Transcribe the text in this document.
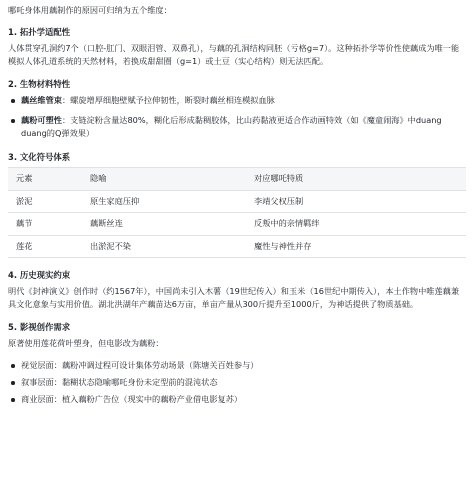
哪吒身体用藕制作的原因可归纳为五个维度：
1. 拓扑学适配性
人体贯穿孔洞约7个（口腔-肛门、双眼泪管、双鼻孔），与藕的孔洞结构同胚（亏格g=7）。这种拓扑学等价性使藕成为唯一能模拟人体孔道系统的天然材料，若换成甜甜圈（g=1）或土豆（实心结构）则无法匹配。
2. 生物材料特性
藕丝维管束：螺旋增厚细胞壁赋予拉伸韧性，断裂时藕丝相连模拟血脉
藕粉可塑性：支链淀粉含量达80%，糊化后形成黏稠胶体，比山药黏液更适合作动画特效（如《魔童闹海》中duang duang的Q弹效果）
3. 文化符号体系
元素	隐喻	对应哪吒特质
淤泥	原生家庭压抑	李靖父权压制
藕节	藕断丝连	反叛中的亲情羁绊
莲花	出淤泥不染	魔性与神性并存
4. 历史现实约束
明代《封神演义》创作时（约1567年），中国尚未引入木薯（19世纪传入）和玉米（16世纪中期传入），本土作物中唯莲藕兼具文化意象与实用价值。湖北洪湖年产藕苗达6万亩，单亩产量从300斤提升至1000斤，为神话提供了物质基础。
5. 影视创作需求
原著使用莲花荷叶塑身，但电影改为藕粉：
视觉层面：藕粉冲调过程可设计集体劳动场景（陈塘关百姓参与）
叙事层面：黏糊状态隐喻哪吒身份未定型前的混沌状态
商业层面：植入藕粉广告位（现实中的藕粉产业借电影复苏）
